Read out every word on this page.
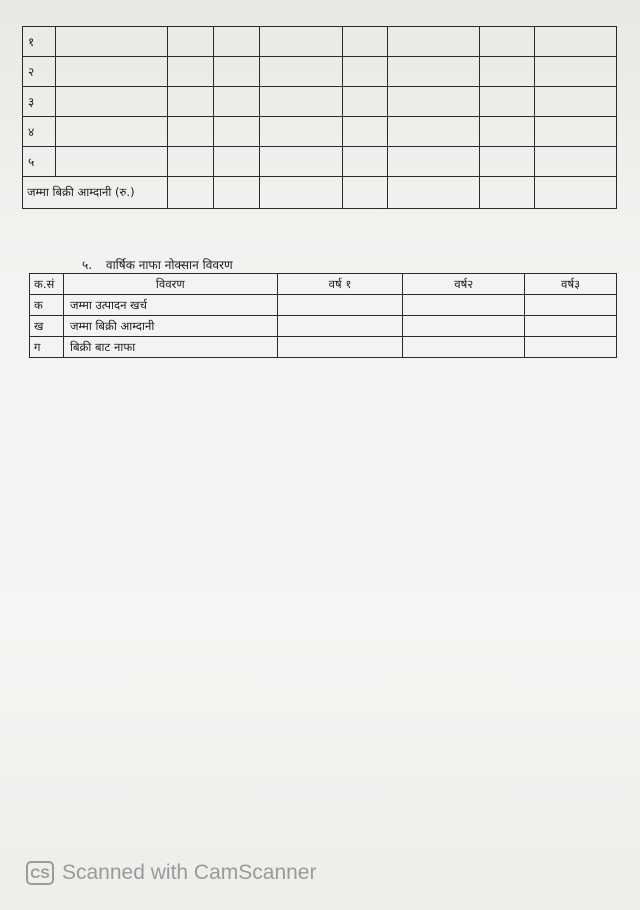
१								
२								
३								
४								
५								
जम्मा बिक्री आम्दानी (रु.)								
५. वार्षिक नाफा नोक्सान विवरण
क.सं	विवरण	वर्ष १	वर्ष२	वर्ष३
क	जम्मा उत्पादन खर्च			
ख	जम्मा बिक्री आम्दानी			
ग	बिक्री बाट नाफा			
CS Scanned with CamScanner
